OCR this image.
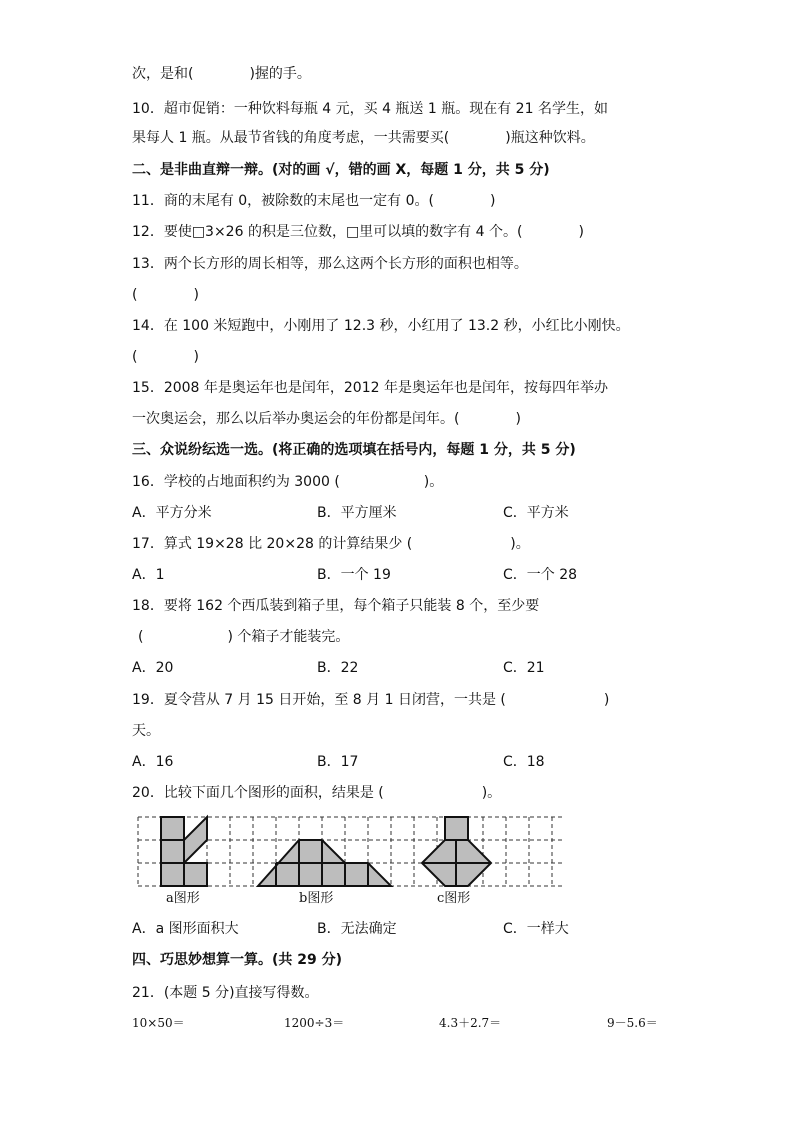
次，是和(　　　　)握的手。
10．超市促销：一种饮料每瓶 4 元，买 4 瓶送 1 瓶。现在有 21 名学生，如
果每人 1 瓶。从最节省钱的角度考虑，一共需要买(　　　　)瓶这种饮料。
二、是非曲直辩一辩。(对的画 √，错的画 X，每题 1 分，共 5 分)
11．商的末尾有 0，被除数的末尾也一定有 0。(　　　　)
12．要使□3×26 的积是三位数，□里可以填的数字有 4 个。(　　　　)
13．两个长方形的周长相等，那么这两个长方形的面积也相等。
(　　　　)
14．在 100 米短跑中，小刚用了 12.3 秒，小红用了 13.2 秒，小红比小刚快。
(　　　　)
15．2008 年是奥运年也是闰年，2012 年是奥运年也是闰年，按每四年举办
一次奥运会，那么以后举办奥运会的年份都是闰年。(　　　　)
三、众说纷纭选一选。(将正确的选项填在括号内，每题 1 分，共 5 分)
16．学校的占地面积约为 3000 (　　　　　　)。
A．平方分米	B．平方厘米	C．平方米
17．算式 19×28 比 20×28 的计算结果少 (　　　　　　　)。
A．1	B．一个 19	C．一个 28
18．要将 162 个西瓜装到箱子里，每个箱子只能装 8 个，至少要
(　　　　　　) 个箱子才能装完。
A．20	B．22	C．21
19．夏令营从 7 月 15 日开始，至 8 月 1 日闭营，一共是 (　　　　　　　)
天。
A．16	B．17	C．18
20．比较下面几个图形的面积，结果是 (　　　　　　　)。
a图形	b图形	c图形
A．a 图形面积大	B．无法确定	C．一样大
四、巧思妙想算一算。(共 29 分)
21．(本题 5 分)直接写得数。
10×50＝	1200÷3＝	4.3＋2.7＝	9－5.6＝
